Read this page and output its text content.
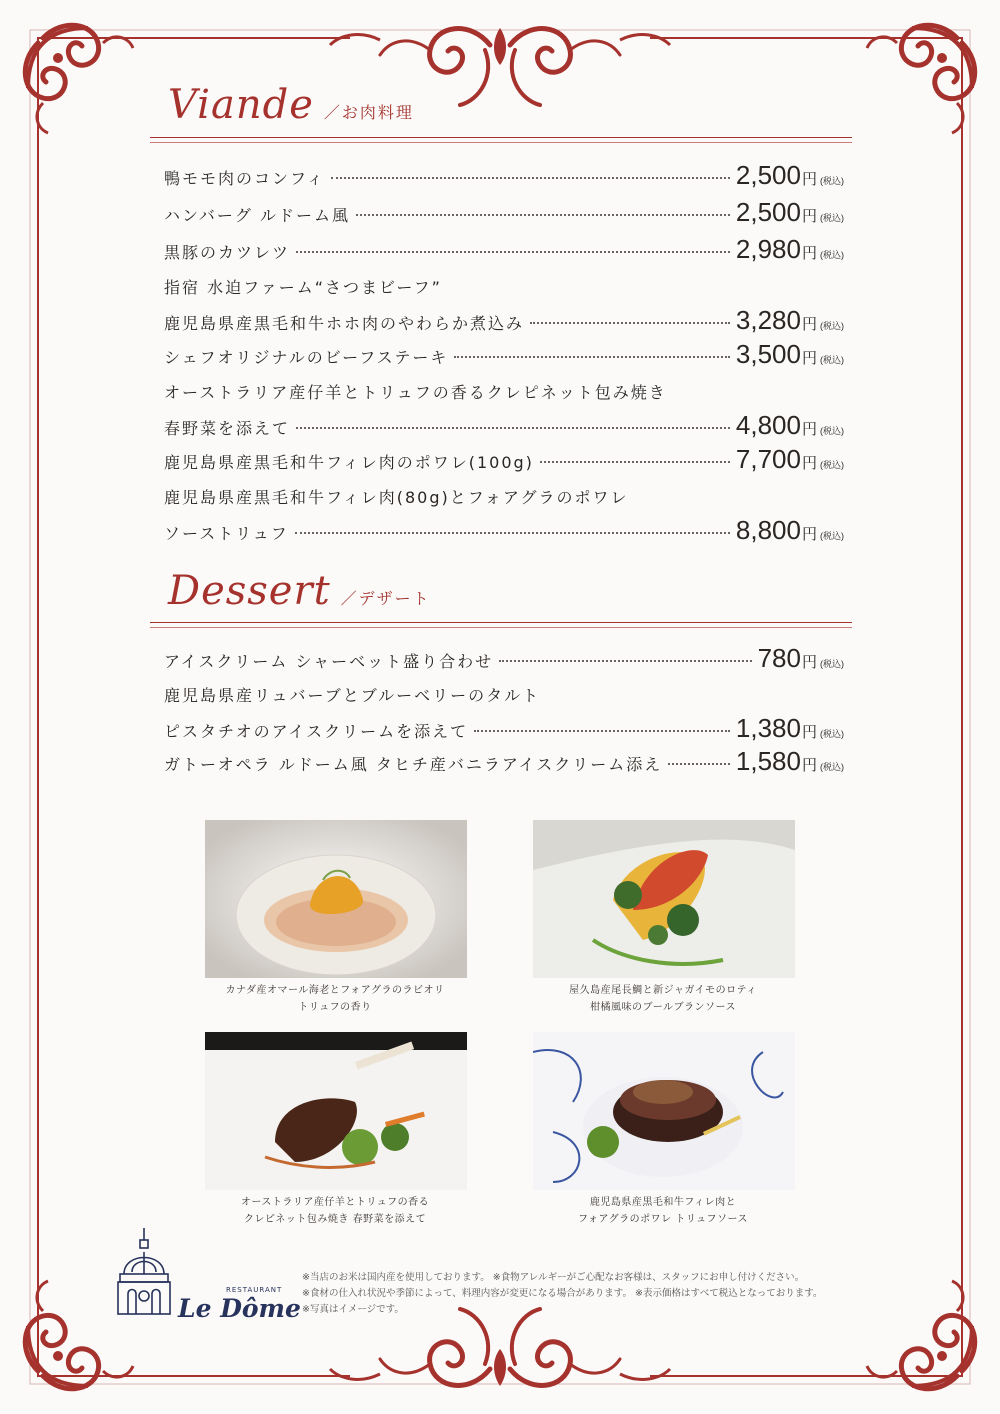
Viande ／お肉料理
鴨モモ肉のコンフィ	2,500円 (税込)
ハンバーグ ルドーム風	2,500円 (税込)
黒豚のカツレツ	2,980円 (税込)
指宿 水迫ファーム“さつまビーフ”
鹿児島県産黒毛和牛ホホ肉のやわらか煮込み	3,280円 (税込)
シェフオリジナルのビーフステーキ	3,500円 (税込)
オーストラリア産仔羊とトリュフの香るクレピネット包み焼き
春野菜を添えて	4,800円 (税込)
鹿児島県産黒毛和牛フィレ肉のポワレ(100g)	7,700円 (税込)
鹿児島県産黒毛和牛フィレ肉(80g)とフォアグラのポワレ
ソーストリュフ	8,800円 (税込)
Dessert ／デザート
アイスクリーム シャーベット盛り合わせ	780円 (税込)
鹿児島県産リュバーブとブルーベリーのタルト
ピスタチオのアイスクリームを添えて	1,380円 (税込)
ガトーオペラ ルドーム風 タヒチ産バニラアイスクリーム添え	1,580円 (税込)
カナダ産オマール海老とフォアグラのラビオリ
トリュフの香り
屋久島産尾長鯛と新ジャガイモのロティ
柑橘風味のブールブランソース
オーストラリア産仔羊とトリュフの香る
クレピネット包み焼き 春野菜を添えて
鹿児島県産黒毛和牛フィレ肉と
フォアグラのポワレ トリュフソース
RESTAURANT
Le Dôme
※当店のお米は国内産を使用しております。 ※食物アレルギーがご心配なお客様は、スタッフにお申し付けください。
※食材の仕入れ状況や季節によって、料理内容が変更になる場合があります。 ※表示価格はすべて税込となっております。
※写真はイメージです。
